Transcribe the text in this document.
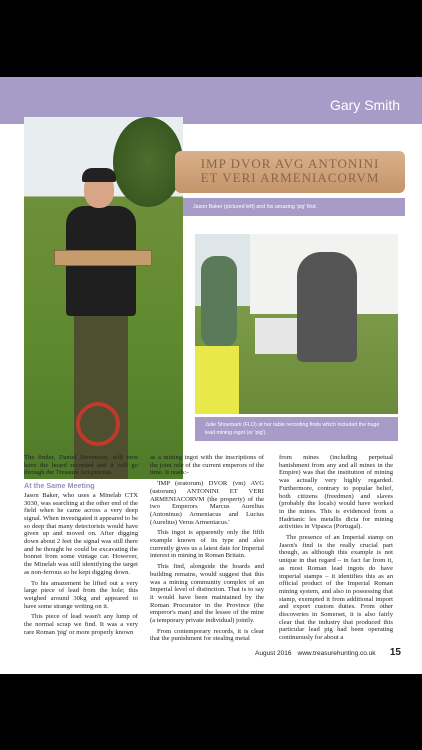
Gary Smith
IMP DVOR AVG ANTONINI
ET VERI ARMENIACORVM
Jason Baker (pictured left) and his amazing 'pig' find.
Julie Shoemark (FLO) at her table recording finds which included the huge lead mining ingot (or 'pig').

The finder, Daniel Stevenson, will now have the hoard recorded and it will go through the Treasure Act process.

At the Same Meeting

Jason Baker, who uses a Minelab CTX 3030, was searching at the other end of the field when he came across a very deep signal. When investigated it appeared to be so deep that many detectorists would have given up and moved on. After digging down about 2 feet the signal was still there and he thought he could be excavating the bonnet from some vintage car. However, the Minelab was still identifying the target as non-ferrous so he kept digging down.

To his amazement he lifted out a very large piece of lead from the hole; this weighed around 30kg and appeared to have some strange writing on it.

This piece of lead wasn't any lump of the normal scrap we find. It was a very rare Roman 'pig' or more properly known

as a mining ingot with the inscriptions of the joint rule of the current emperors of the time. It reads:-

'IMP (eratorum) DVOR (vm) AVG (ustorum) ANTONINI ET VERI ARMENIACORVM (the property) of the two Emperors Marcus Aurelius (Antoninus) Armeniacus and Lucius (Aurelius) Verus Armeniacus.'

This ingot is apparently only the fifth example known of its type and also currently gives us a latest date for Imperial interest in mining in Roman Britain.

This find, alongside the hoards and building remains, would suggest that this was a mining community complex of an Imperial level of distinction. That is to say it would have been maintained by the Roman Procurator in the Province (the emperor's man) and the lessee of the mine (a temporary private individual) jointly.

From contemporary records, it is clear that the punishment for stealing metal

from mines (including perpetual banishment from any and all mines in the Empire) was that the institution of mining was actually very highly regarded. Furthermore, contrary to popular belief, both citizens (freedmen) and slaves (probably the locals) would have worked in the mines. This is evidenced from a Hadrianic les metallis dicta for mining activities in Vipasca (Portugal).

The presence of an Imperial stamp on Jason's find is the really crucial part though, as although this example is not unique in that regard – in fact far from it, as most Roman lead ingots do have imperial stamps – it identifies this as an official product of the Imperial Roman mining system, and also in possessing that stamp, exempted it from additional import and export custom duties. From other discoveries in Somerset, it is also fairly clear that the industry that produced this particular lead pig had been operating continuously for about a

August 2016 www.treasurehunting.co.uk 15
